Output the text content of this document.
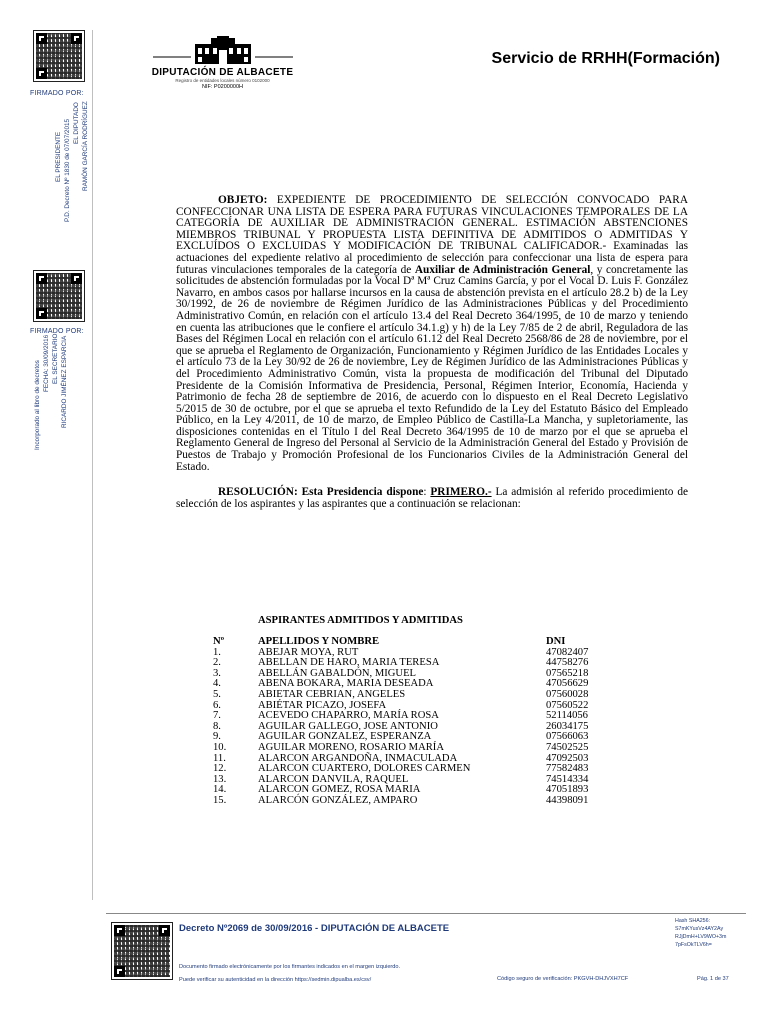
FIRMADO POR:
EL PRESIDENTE P.D. Decreto Nº 1830 de 07/07/2015 EL DIPUTADO RAMÓN GARCÍA RODRÍGUEZ
FIRMADO POR:
Incorporado al libro de decretos FECHA: 30/09/2016 EL SECRETARIO RICARDO JIMÉNEZ ESPARCIA
DIPUTACIÓN DE ALBACETE
Registro de entidades locales número 0102000
NIF: P0200000H
Servicio de RRHH(Formación)

OBJETO: EXPEDIENTE DE PROCEDIMIENTO DE SELECCIÓN CONVOCADO PARA CONFECCIONAR UNA LISTA DE ESPERA PARA FUTURAS VINCULACIONES TEMPORALES DE LA CATEGORÍA DE AUXILIAR DE ADMINISTRACIÓN GENERAL. ESTIMACIÓN ABSTENCIONES MIEMBROS TRIBUNAL Y PROPUESTA LISTA DEFINITIVA DE ADMITIDOS O ADMITIDAS Y EXCLUÍDOS O EXCLUIDAS Y MODIFICACIÓN DE TRIBUNAL CALIFICADOR.- Examinadas las actuaciones del expediente relativo al procedimiento de selección para confeccionar una lista de espera para futuras vinculaciones temporales de la categoría de Auxiliar de Administración General, y concretamente las solicitudes de abstención formuladas por la Vocal Dª Mª Cruz Camins García, y por el Vocal D. Luis F. González Navarro, en ambos casos por hallarse incursos en la causa de abstención prevista en el artículo 28.2 b) de la Ley 30/1992, de 26 de noviembre de Régimen Jurídico de las Administraciones Públicas y del Procedimiento Administrativo Común, en relación con el artículo 13.4 del Real Decreto 364/1995, de 10 de marzo y teniendo en cuenta las atribuciones que le confiere el artículo 34.1.g) y h) de la Ley 7/85 de 2 de abril, Reguladora de las Bases del Régimen Local en relación con el artículo 61.12 del Real Decreto 2568/86 de 28 de noviembre, por el que se aprueba el Reglamento de Organización, Funcionamiento y Régimen Jurídico de las Entidades Locales y el artículo 73 de la Ley 30/92 de 26 de noviembre, Ley de Régimen Jurídico de las Administraciones Públicas y del Procedimiento Administrativo Común, vista la propuesta de modificación del Tribunal del Diputado Presidente de la Comisión Informativa de Presidencia, Personal, Régimen Interior, Economía, Hacienda y Patrimonio de fecha 28 de septiembre de 2016, de acuerdo con lo dispuesto en el Real Decreto Legislativo 5/2015 de 30 de octubre, por el que se aprueba el texto Refundido de la Ley del Estatuto Básico del Empleado Público, en la Ley 4/2011, de 10 de marzo, de Empleo Público de Castilla-La Mancha, y supletoriamente, las disposiciones contenidas en el Título I del Real Decreto 364/1995 de 10 de marzo por el que se aprueba el Reglamento General de Ingreso del Personal al Servicio de la Administración General del Estado y Provisión de Puestos de Trabajo y Promoción Profesional de los Funcionarios Civiles de la Administración General del Estado.

RESOLUCIÓN: Esta Presidencia dispone: PRIMERO.- La admisión al referido procedimiento de selección de los aspirantes y las aspirantes que a continuación se relacionan:

ASPIRANTES ADMITIDOS Y ADMITIDAS
Nº	APELLIDOS Y NOMBRE	DNI
1.	ABEJAR MOYA, RUT	47082407
2.	ABELLAN DE HARO, MARIA TERESA	44758276
3.	ABELLÁN GABALDÓN, MIGUEL	07565218
4.	ABENA BOKARA, MARIA DESEADA	47056629
5.	ABIETAR CEBRIAN, ANGELES	07560028
6.	ABIÉTAR PICAZO, JOSEFA	07560522
7.	ACEVEDO CHAPARRO, MARÍA ROSA	52114056
8.	AGUILAR GALLEGO, JOSE ANTONIO	26034175
9.	AGUILAR GONZALEZ, ESPERANZA	07566063
10.	AGUILAR MORENO, ROSARIO MARÍA	74502525
11.	ALARCON ARGANDOÑA, INMACULADA	47092503
12.	ALARCON CUARTERO, DOLORES CARMEN	77582483
13.	ALARCON DANVILA, RAQUEL	74514334
14.	ALARCON GOMEZ, ROSA MARIA	47051893
15.	ALARCÓN GONZÁLEZ, AMPARO	44398091
Decreto Nº2069 de 30/09/2016 - DIPUTACIÓN DE ALBACETE
Hash SHA256:
S7mKYusVz4AY2Ay
RJjDmH+LV9WO+3m
7pFsOkTLV6h=
Documento firmado electrónicamente por los firmantes indicados en el margen izquierdo.
Puede verificar su autenticidad en la dirección https://sedmin.dipualba.es/csv/	Código seguro de verificación: PKGVH-DHJVXH7CF	Pág. 1 de 37
